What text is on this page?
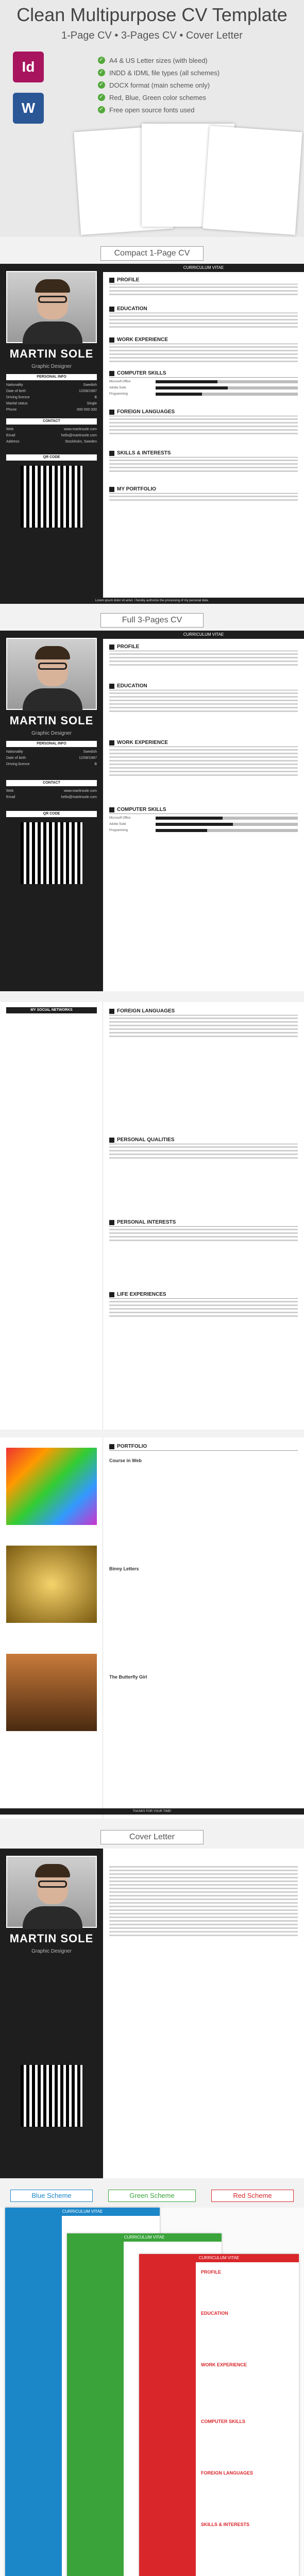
Clean Multipurpose CV Template
1-Page CV • 3-Pages CV • Cover Letter
Id
W
✓
A4 & US Letter sizes (with bleed)
✓
INDD & IDML file types (all schemes)
✓
DOCX format (main scheme only)
✓
Red, Blue, Green color schemes
✓
Free open source fonts used
Compact 1-Page CV
MARTIN SOLE
Graphic Designer
PERSONAL INFO
Nationality	Swedish
Date of birth	12/08/1987
Driving licence	B
Marital status	Single
Phone	000 000 000
CONTACT
Web	www.martinsole.com
Email	hello@martinsole.com
Address	Stockholm, Sweden
QR CODE
CURRICULUM VITAE
PROFILE
EDUCATION
WORK EXPERIENCE
COMPUTER SKILLS
Microsoft Office
Adobe Suite
Programming
FOREIGN LANGUAGES
SKILLS & INTERESTS
MY PORTFOLIO
Lorem ipsum dolor sit amet. I hereby authorize the processing of my personal data.
Full 3-Pages CV
MARTIN SOLE
Graphic Designer
PERSONAL INFO
Nationality	Swedish
Date of birth	12/08/1987
Driving licence	B
CONTACT
Web	www.martinsole.com
Email	hello@martinsole.com
QR CODE
CURRICULUM VITAE
PROFILE
EDUCATION
WORK EXPERIENCE
COMPUTER SKILLS
Microsoft Office
Adobe Suite
Programming
MY SOCIAL NETWORKS	FOREIGN LANGUAGES
PERSONAL QUALITIES
PERSONAL INTERESTS
LIFE EXPERIENCES
PORTFOLIO
Course in Web
Binny Letters
The Butterfly Girl
THANKS FOR YOUR TIME!
Cover Letter
MARTIN SOLE
Graphic Designer
Blue Scheme	Green Scheme	Red Scheme
CURRICULUM VITAE
CURRICULUM VITAE
CURRICULUM VITAE
PROFILE
EDUCATION
WORK EXPERIENCE
COMPUTER SKILLS
FOREIGN LANGUAGES
SKILLS & INTERESTS
